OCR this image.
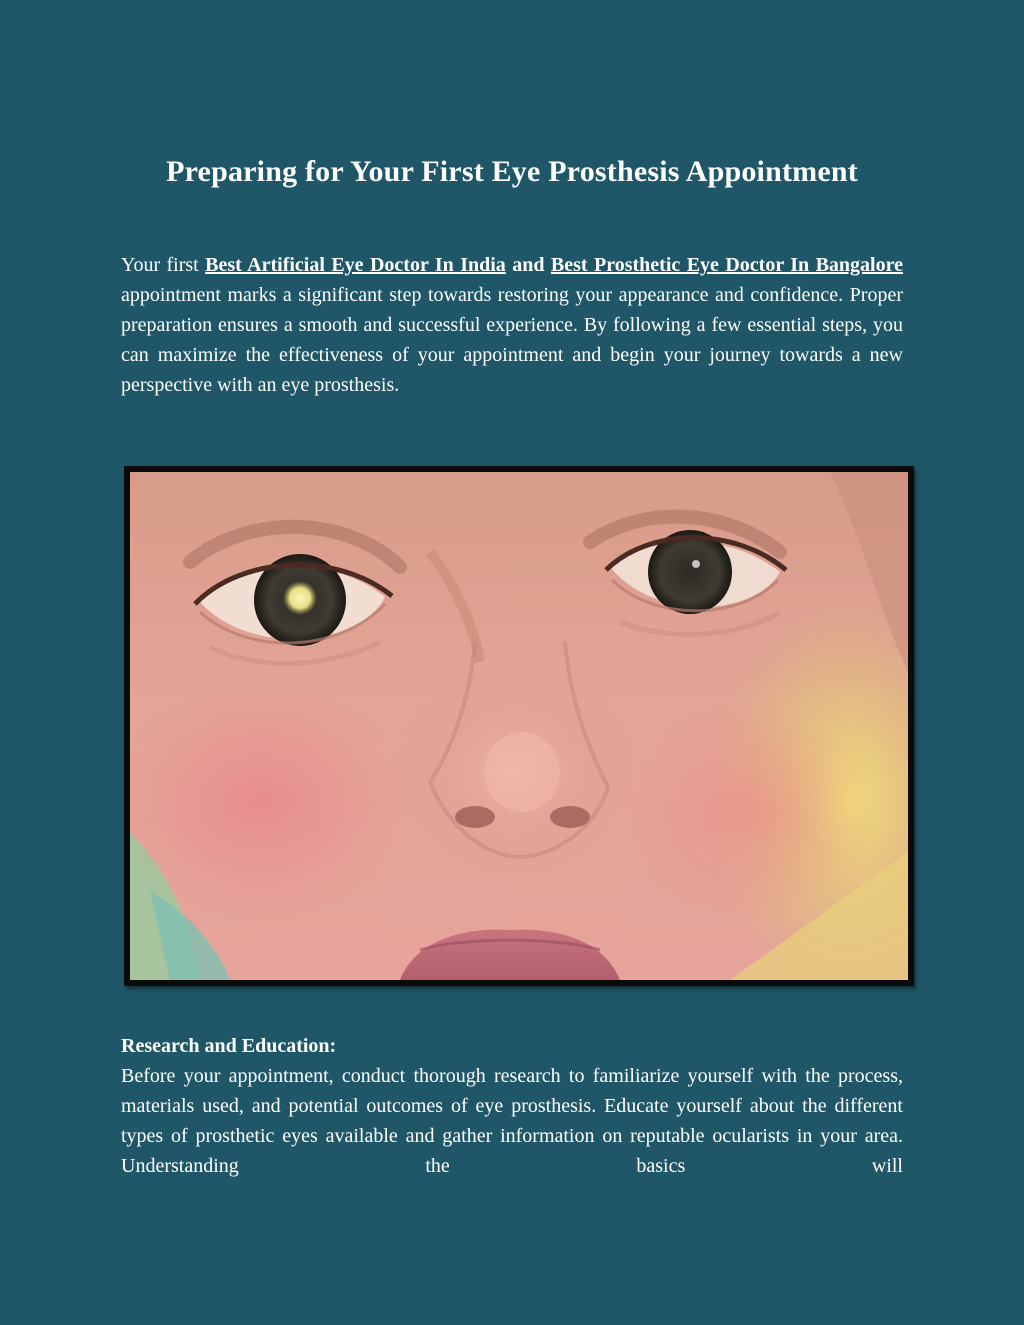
Preparing for Your First Eye Prosthesis Appointment

Your first Best Artificial Eye Doctor In India and Best Prosthetic Eye Doctor In Bangalore appointment marks a significant step towards restoring your appearance and confidence. Proper preparation ensures a smooth and successful experience. By following a few essential steps, you can maximize the effectiveness of your appointment and begin your journey towards a new perspective with an eye prosthesis.

Research and Education:

Before your appointment, conduct thorough research to familiarize yourself with the process, materials used, and potential outcomes of eye prosthesis. Educate yourself about the different types of prosthetic eyes available and gather information on reputable ocularists in your area. Understanding the basics will
